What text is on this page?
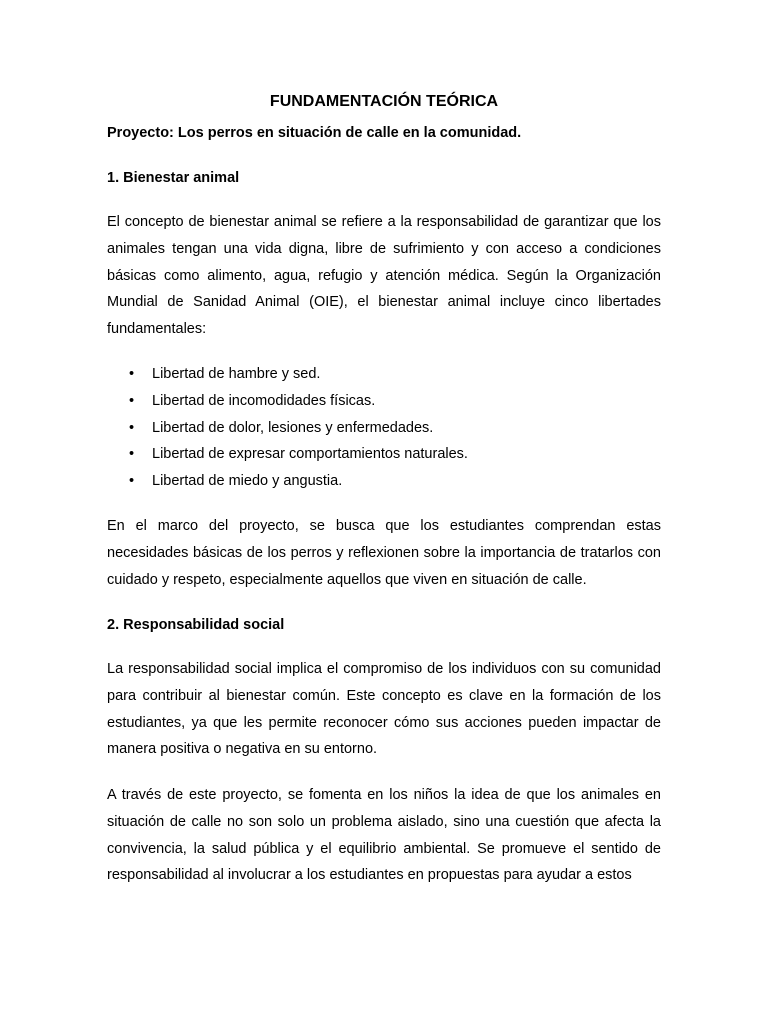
FUNDAMENTACIÓN TEÓRICA

Proyecto: Los perros en situación de calle en la comunidad.

1. Bienestar animal

El concepto de bienestar animal se refiere a la responsabilidad de garantizar que los animales tengan una vida digna, libre de sufrimiento y con acceso a condiciones básicas como alimento, agua, refugio y atención médica. Según la Organización Mundial de Sanidad Animal (OIE), el bienestar animal incluye cinco libertades fundamentales:

• Libertad de hambre y sed.
• Libertad de incomodidades físicas.
• Libertad de dolor, lesiones y enfermedades.
• Libertad de expresar comportamientos naturales.
• Libertad de miedo y angustia.

En el marco del proyecto, se busca que los estudiantes comprendan estas necesidades básicas de los perros y reflexionen sobre la importancia de tratarlos con cuidado y respeto, especialmente aquellos que viven en situación de calle.

2. Responsabilidad social

La responsabilidad social implica el compromiso de los individuos con su comunidad para contribuir al bienestar común. Este concepto es clave en la formación de los estudiantes, ya que les permite reconocer cómo sus acciones pueden impactar de manera positiva o negativa en su entorno.

A través de este proyecto, se fomenta en los niños la idea de que los animales en situación de calle no son solo un problema aislado, sino una cuestión que afecta la convivencia, la salud pública y el equilibrio ambiental. Se promueve el sentido de responsabilidad al involucrar a los estudiantes en propuestas para ayudar a estos
